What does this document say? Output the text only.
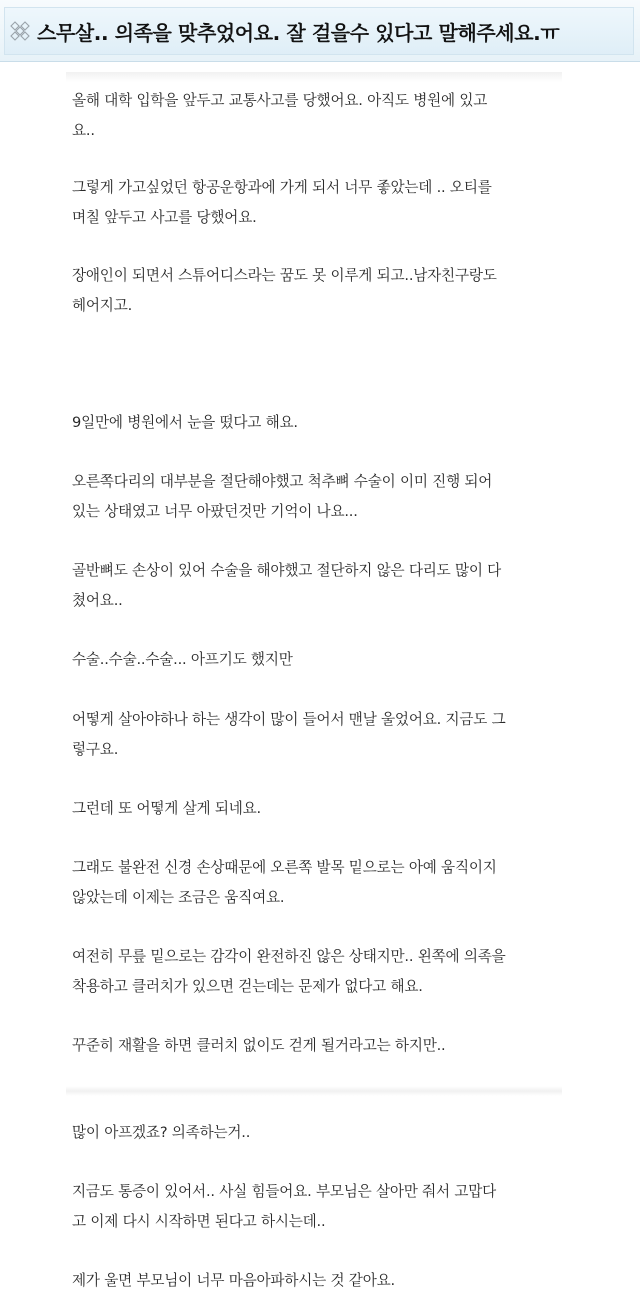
스무살.. 의족을 맞추었어요. 잘 걸을수 있다고 말해주세요.ㅠ
올해 대학 입학을 앞두고 교통사고를 당했어요. 아직도 병원에 있고
요..
그렇게 가고싶었던 항공운항과에 가게 되서 너무 좋았는데 .. 오티를
며칠 앞두고 사고를 당했어요.
장애인이 되면서 스튜어디스라는 꿈도 못 이루게 되고..남자친구랑도
헤어지고.
9일만에 병원에서 눈을 떴다고 해요.
오른쪽다리의 대부분을 절단해야했고 척추뼈 수술이 이미 진행 되어
있는 상태였고 너무 아팠던것만 기억이 나요...
골반뼈도 손상이 있어 수술을 해야했고 절단하지 않은 다리도 많이 다
쳤어요..
수술..수술..수술... 아프기도 했지만
어떻게 살아야하나 하는 생각이 많이 들어서 맨날 울었어요. 지금도 그
렇구요.
그런데 또 어떻게 살게 되네요.
그래도 불완전 신경 손상때문에 오른쪽 발목 밑으로는 아예 움직이지
않았는데 이제는 조금은 움직여요.
여전히 무릎 밑으로는 감각이 완전하진 않은 상태지만.. 왼쪽에 의족을
착용하고 클러치가 있으면 걷는데는 문제가 없다고 해요.
꾸준히 재활을 하면 클러치 없이도 걷게 될거라고는 하지만..
많이 아프겠죠? 의족하는거..
지금도 통증이 있어서.. 사실 힘들어요. 부모님은 살아만 줘서 고맙다
고 이제 다시 시작하면 된다고 하시는데..
제가 울면 부모님이 너무 마음아파하시는 것 같아요.
